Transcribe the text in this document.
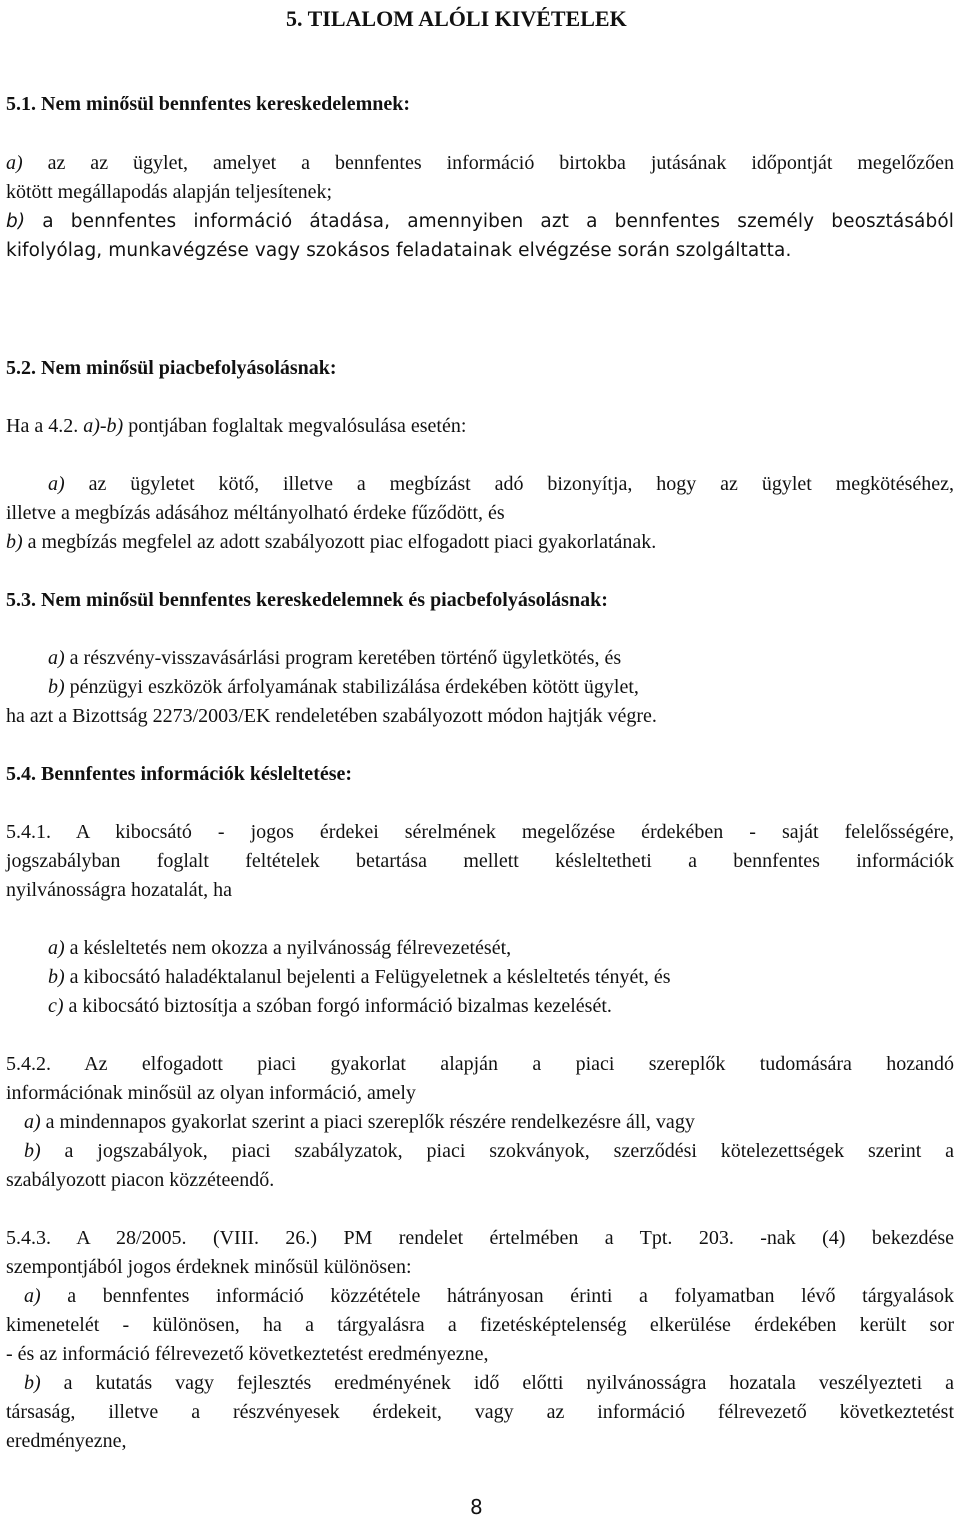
5. TILALOM ALÓLI KIVÉTELEK
5.1. Nem minősül bennfentes kereskedelemnek:
a) az az ügylet, amelyet a bennfentes információ birtokba jutásának időpontját megelőzően
kötött megállapodás alapján teljesítenek;
b) a bennfentes információ átadása, amennyiben azt a bennfentes személy beosztásából
kifolyólag, munkavégzése vagy szokásos feladatainak elvégzése során szolgáltatta.
5.2. Nem minősül piacbefolyásolásnak:
Ha a 4.2. a)-b) pontjában foglaltak megvalósulása esetén:
a) az ügyletet kötő, illetve a megbízást adó bizonyítja, hogy az ügylet megkötéséhez,
illetve a megbízás adásához méltányolható érdeke fűződött, és
b) a megbízás megfelel az adott szabályozott piac elfogadott piaci gyakorlatának.
5.3. Nem minősül bennfentes kereskedelemnek és piacbefolyásolásnak:
a) a részvény-visszavásárlási program keretében történő ügyletkötés, és
b) pénzügyi eszközök árfolyamának stabilizálása érdekében kötött ügylet,
ha azt a Bizottság 2273/2003/EK rendeletében szabályozott módon hajtják végre.
5.4. Bennfentes információk késleltetése:
5.4.1. A kibocsátó - jogos érdekei sérelmének megelőzése érdekében - saját felelősségére,
jogszabályban foglalt feltételek betartása mellett késleltetheti a bennfentes információk
nyilvánosságra hozatalát, ha
a) a késleltetés nem okozza a nyilvánosság félrevezetését,
b) a kibocsátó haladéktalanul bejelenti a Felügyeletnek a késleltetés tényét, és
c) a kibocsátó biztosítja a szóban forgó információ bizalmas kezelését.
5.4.2. Az elfogadott piaci gyakorlat alapján a piaci szereplők tudomására hozandó
információnak minősül az olyan információ, amely
a) a mindennapos gyakorlat szerint a piaci szereplők részére rendelkezésre áll, vagy
b) a jogszabályok, piaci szabályzatok, piaci szokványok, szerződési kötelezettségek szerint a
szabályozott piacon közzéteendő.
5.4.3. A 28/2005. (VIII. 26.) PM rendelet értelmében a Tpt. 203. -nak (4) bekezdése
szempontjából jogos érdeknek minősül különösen:
a) a bennfentes információ közzététele hátrányosan érinti a folyamatban lévő tárgyalások
kimenetelét - különösen, ha a tárgyalásra a fizetésképtelenség elkerülése érdekében került sor
- és az információ félrevezető következtetést eredményezne,
b) a kutatás vagy fejlesztés eredményének idő előtti nyilvánosságra hozatala veszélyezteti a
társaság, illetve a részvényesek érdekeit, vagy az információ félrevezető következtetést
eredményezne,
8
